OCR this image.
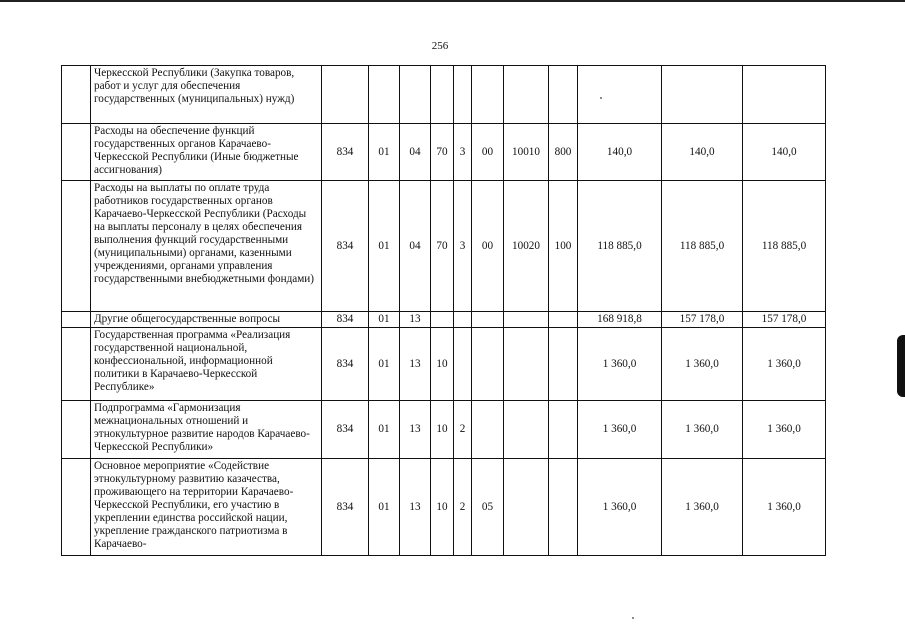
256
	Черкесской Республики (Закупка товаров, работ и услуг для обеспечения государственных (муниципальных) нужд)											
	Расходы на обеспечение функций государственных органов Карачаево-Черкесской Республики (Иные бюджетные ассигнования)	834	01	04	70	3	00	10010	800	140,0	140,0	140,0
	Расходы на выплаты по оплате труда работников государственных органов Карачаево-Черкесской Республики (Расходы на выплаты персоналу в целях обеспечения выполнения функций государственными (муниципальными) органами, казенными учреждениями, органами управления государственными внебюджетными фондами)	834	01	04	70	3	00	10020	100	118 885,0	118 885,0	118 885,0
	Другие общегосударственные вопросы	834	01	13						168 918,8	157 178,0	157 178,0
	Государственная программа «Реализация государственной национальной, конфессиональной, информационной политики в Карачаево-Черкесской Республике»	834	01	13	10					1 360,0	1 360,0	1 360,0
	Подпрограмма «Гармонизация межнациональных отношений и этнокультурное развитие народов Карачаево-Черкесской Республики»	834	01	13	10	2				1 360,0	1 360,0	1 360,0
	Основное мероприятие «Содействие этнокультурному развитию казачества, проживающего на территории Карачаево-Черкесской Республики, его участию в укреплении единства российской нации, укрепление гражданского патриотизма в Карачаево-	834	01	13	10	2	05			1 360,0	1 360,0	1 360,0
